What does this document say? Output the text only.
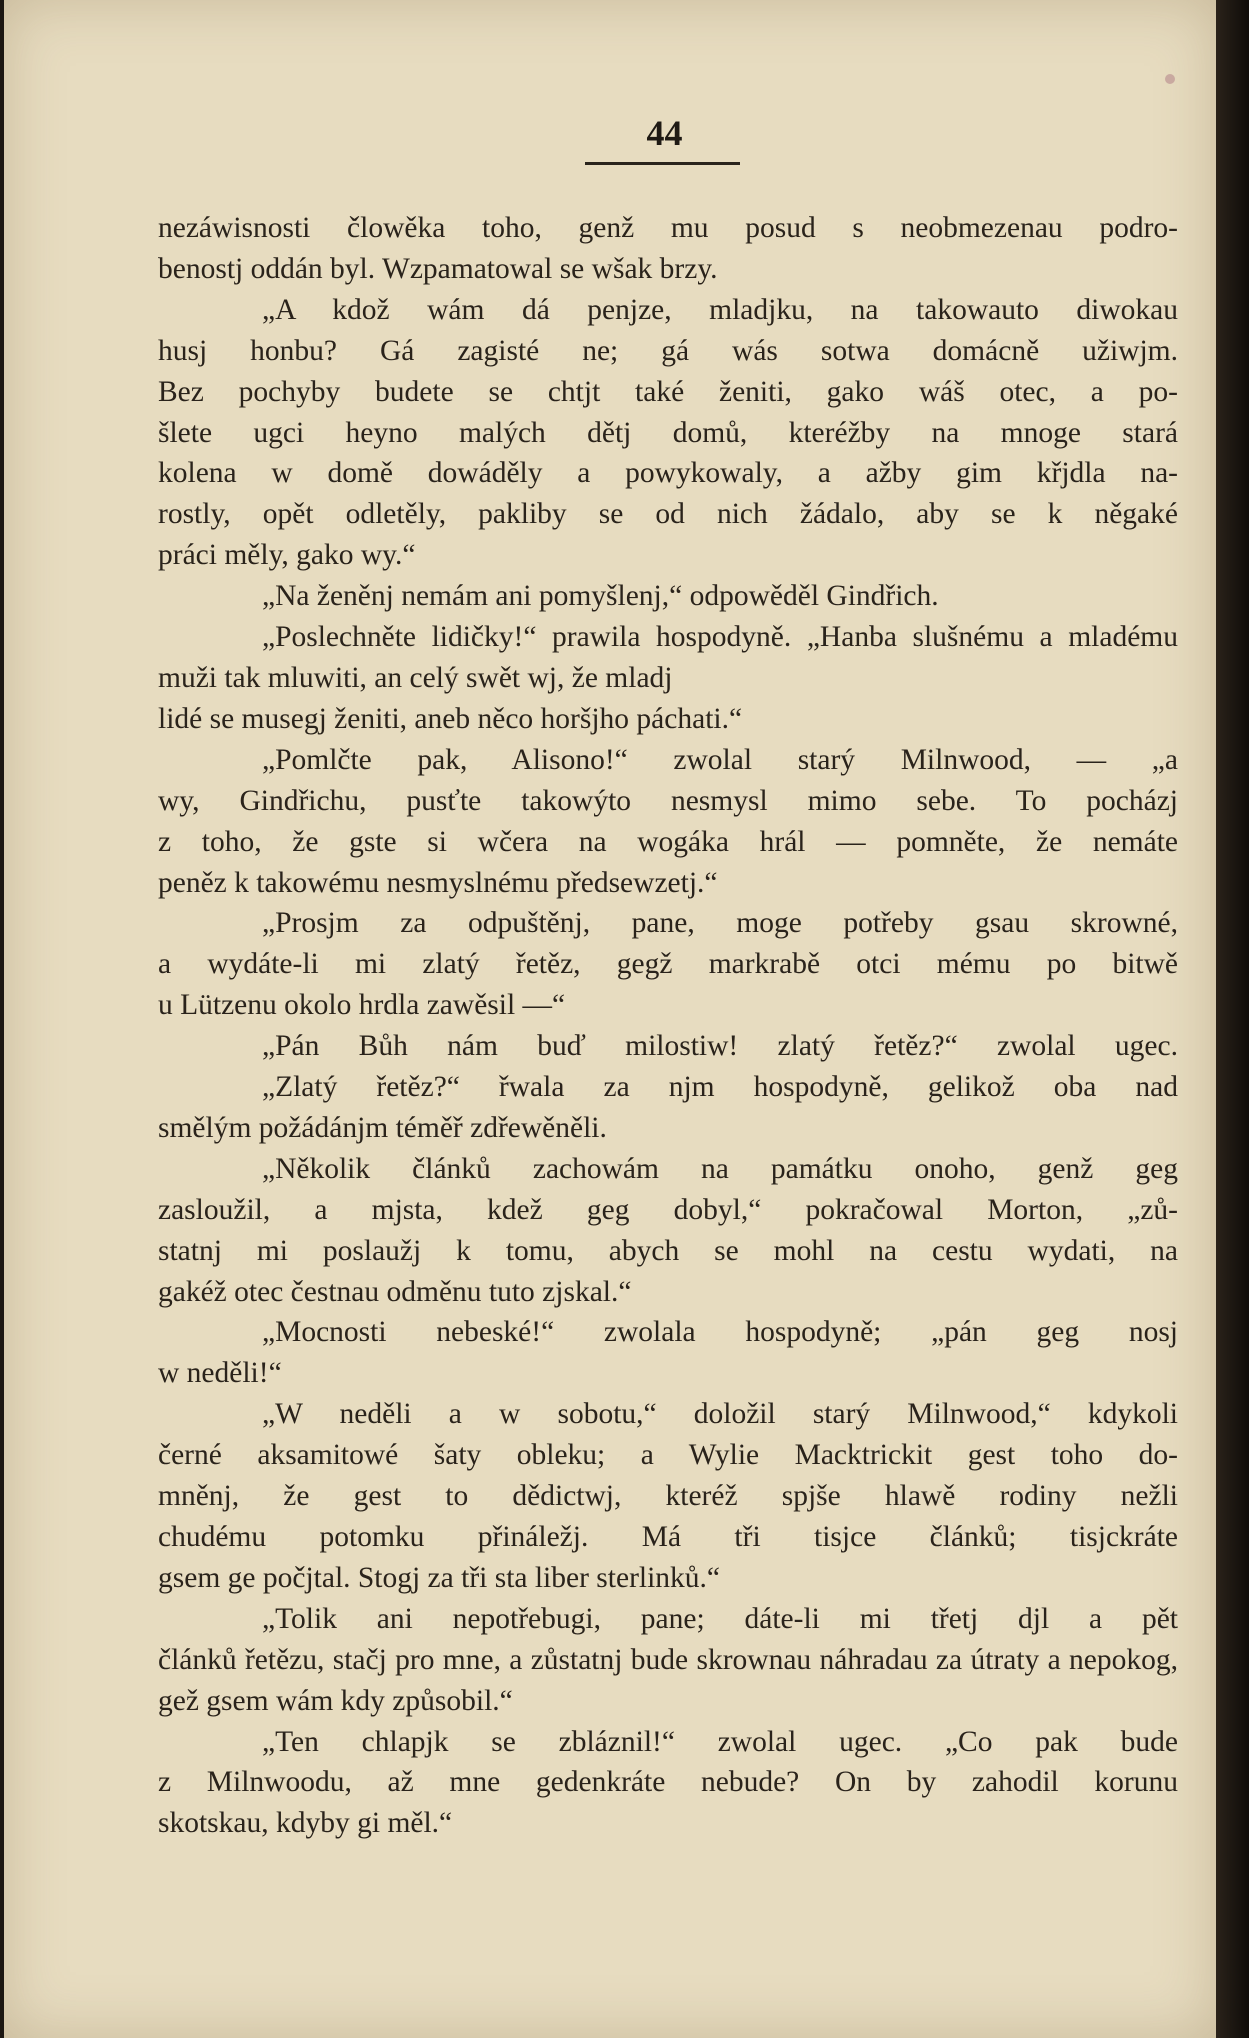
44

nezáwisnosti člowěka toho, genž mu posud s neobmezenau podro-

benostj oddán byl. Wzpamatowal se wšak brzy.

„A kdož wám dá penjze, mladjku, na takowauto diwokau

husj honbu? Gá zagisté ne; gá wás sotwa domácně užiwjm.

Bez pochyby budete se chtjt také ženiti, gako wáš otec, a po-

šlete ugci heyno malých dětj domů, kteréžby na mnoge stará

kolena w domě dowáděly a powykowaly, a ažby gim křjdla na-

rostly, opět odletěly, pakliby se od nich žádalo, aby se k něgaké

práci měly, gako wy.“

„Na ženěnj nemám ani pomyšlenj,“ odpowěděl Gindřich.

„Poslechněte lidičky!“ prawila hospodyně. „Hanba slušnému a mladému muži tak mluwiti, an celý swět wj, že mladj

lidé se musegj ženiti, aneb něco horšjho páchati.“

„Pomlčte pak, Alisono!“ zwolal starý Milnwood, — „a

wy, Gindřichu, pusťte takowýto nesmysl mimo sebe. To pocházj

z toho, že gste si wčera na wogáka hrál — pomněte, že nemáte

peněz k takowému nesmyslnému předsewzetj.“

„Prosjm za odpuštěnj, pane, moge potřeby gsau skrowné,

a wydáte-li mi zlatý řetěz, gegž markrabě otci mému po bitwě

u Lützenu okolo hrdla zawěsil —“

„Pán Bůh nám buď milostiw! zlatý řetěz?“ zwolal ugec.

„Zlatý řetěz?“ řwala za njm hospodyně, gelikož oba nad

smělým požádánjm téměř zdřewěněli.

„Několik článků zachowám na památku onoho, genž geg

zasloužil, a mjsta, kdež geg dobyl,“ pokračowal Morton, „zů-

statnj mi poslaužj k tomu, abych se mohl na cestu wydati, na

gakéž otec čestnau odměnu tuto zjskal.“

„Mocnosti nebeské!“ zwolala hospodyně; „pán geg nosj

w neděli!“

„W neděli a w sobotu,“ doložil starý Milnwood,“ kdykoli

černé aksamitowé šaty obleku; a Wylie Macktrickit gest toho do-

mněnj, že gest to dědictwj, kteréž spjše hlawě rodiny nežli

chudému potomku přináležj. Má tři tisjce článků; tisjckráte

gsem ge počjtal. Stogj za tři sta liber sterlinků.“

„Tolik ani nepotřebugi, pane; dáte-li mi třetj djl a pět

článků řetězu, stačj pro mne, a zůstatnj bude skrownau náhradau za útraty a nepokog, gež gsem wám kdy způsobil.“

„Ten chlapjk se zbláznil!“ zwolal ugec. „Co pak bude

z Milnwoodu, až mne gedenkráte nebude? On by zahodil korunu

skotskau, kdyby gi měl.“
